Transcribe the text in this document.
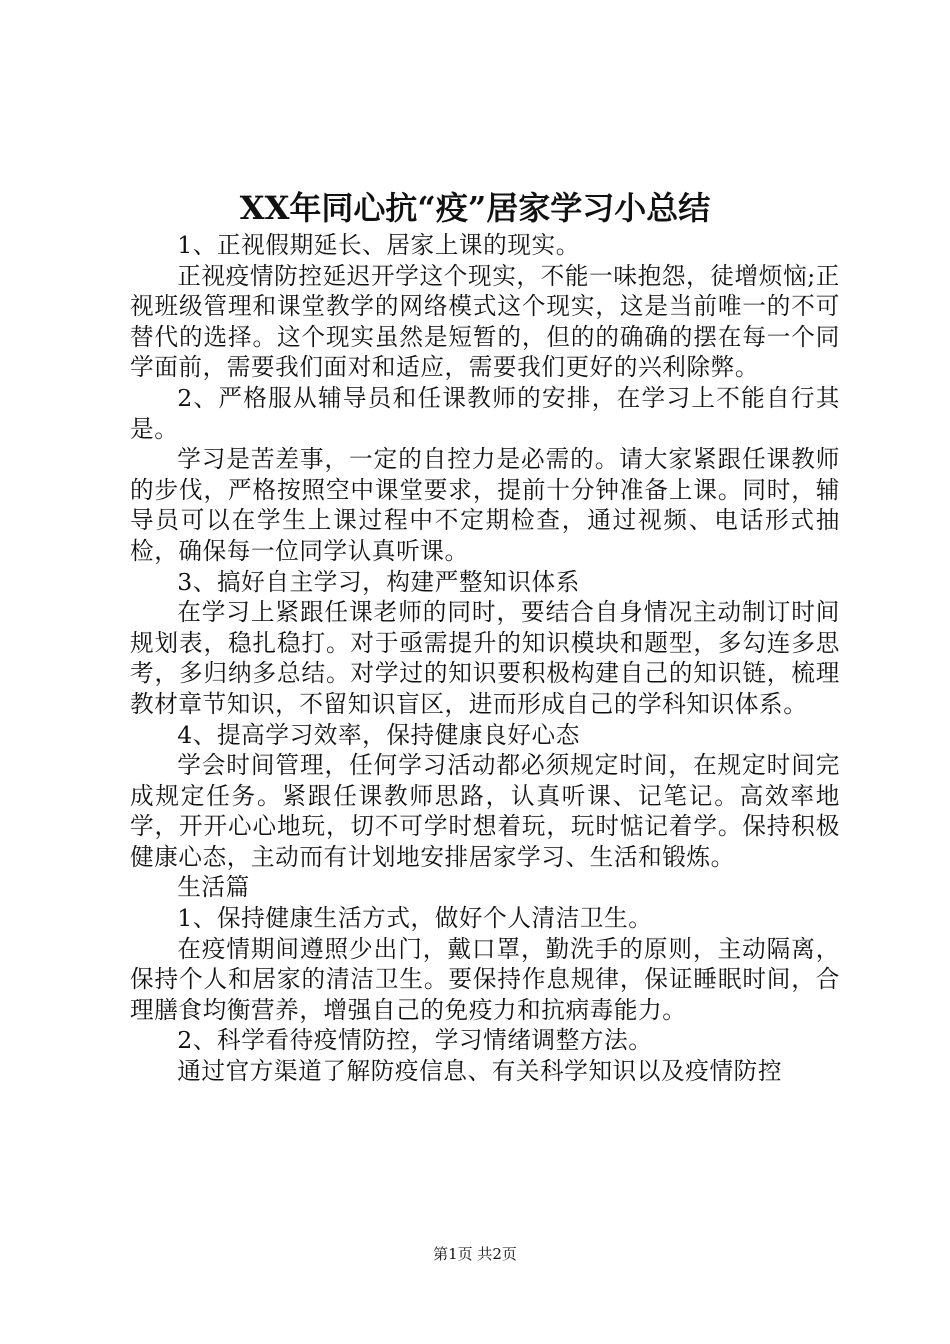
XX年同心抗“疫”居家学习小总结

1、正视假期延长、居家上课的现实。

正视疫情防控延迟开学这个现实，不能一味抱怨，徒增烦恼;正视班级管理和课堂教学的网络模式这个现实，这是当前唯一的不可替代的选择。这个现实虽然是短暂的，但的的确确的摆在每一个同学面前，需要我们面对和适应，需要我们更好的兴利除弊。

2、严格服从辅导员和任课教师的安排，在学习上不能自行其是。

学习是苦差事，一定的自控力是必需的。请大家紧跟任课教师的步伐，严格按照空中课堂要求，提前十分钟准备上课。同时，辅导员可以在学生上课过程中不定期检查，通过视频、电话形式抽检，确保每一位同学认真听课。

3、搞好自主学习，构建严整知识体系

在学习上紧跟任课老师的同时，要结合自身情况主动制订时间规划表，稳扎稳打。对于亟需提升的知识模块和题型，多勾连多思考，多归纳多总结。对学过的知识要积极构建自己的知识链，梳理教材章节知识，不留知识盲区，进而形成自己的学科知识体系。

4、提高学习效率，保持健康良好心态

学会时间管理，任何学习活动都必须规定时间，在规定时间完成规定任务。紧跟任课教师思路，认真听课、记笔记。高效率地学，开开心心地玩，切不可学时想着玩，玩时惦记着学。保持积极健康心态，主动而有计划地安排居家学习、生活和锻炼。

生活篇

1、保持健康生活方式，做好个人清洁卫生。

在疫情期间遵照少出门，戴口罩，勤洗手的原则，主动隔离，保持个人和居家的清洁卫生。要保持作息规律，保证睡眠时间，合理膳食均衡营养，增强自己的免疫力和抗病毒能力。

2、科学看待疫情防控，学习情绪调整方法。

通过官方渠道了解防疫信息、有关科学知识以及疫情防控

第1页 共2页
